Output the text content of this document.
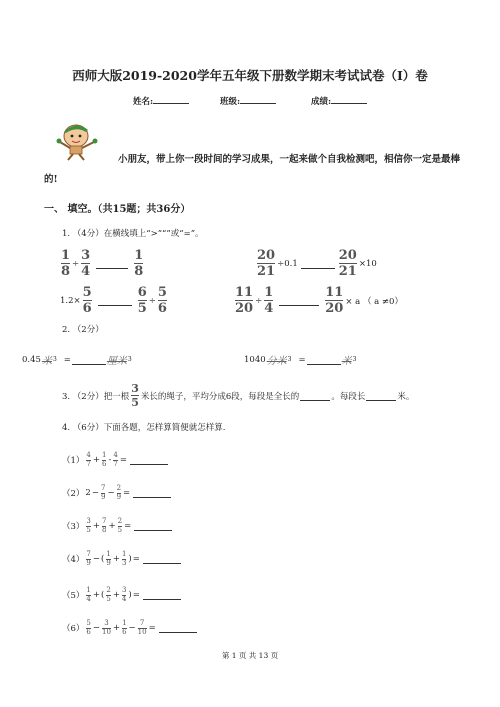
西师大版2019-2020学年五年级下册数学期末考试试卷（I）卷
姓名:	班级:	成绩:
小朋友，带上你一段时间的学习成果，一起来做个自我检测吧，相信你一定是最棒
的!
一、 填空。（共15题；共36分）
1. （4分）在横线填上“>”“”或“=”。
$\frac{1}{8} \div \frac{3}{4}$	$\frac{1}{8}$	$\frac{20}{21} \div 0.1$	$\frac{20}{21} \times 10$
$1.2\times \frac{5}{6}$	$\frac{6}{5} \div \frac{5}{6}$	$\frac{11}{20} \div \frac{1}{4}$	$\frac{11}{20} \times a$ （ a ≠0）
2. （2分）
0.45 米 3 =	厘米 3	1040 分米 3 =	米 3
3. （2分）把一根 $\frac{3}{5}$ 米长的绳子，平均分成6段，每段是全长的	。每段长	米。
4. （6分）下面各题，怎样算简便就怎样算.
（1）
4
7 + 1
6 - 4
7 =
（2） 2 − 7
9 − 2
9 =
（3）
3
5 + 7
8 + 2
5 =
（4）
7
9 − ( 1
9 + 1
3 ) =
（5）
1
4 + ( 2
5 + 3
4 ) =
（6）
5
6 − 3
10 + 1
6 − 7
10 =
第 1 页 共 13 页
